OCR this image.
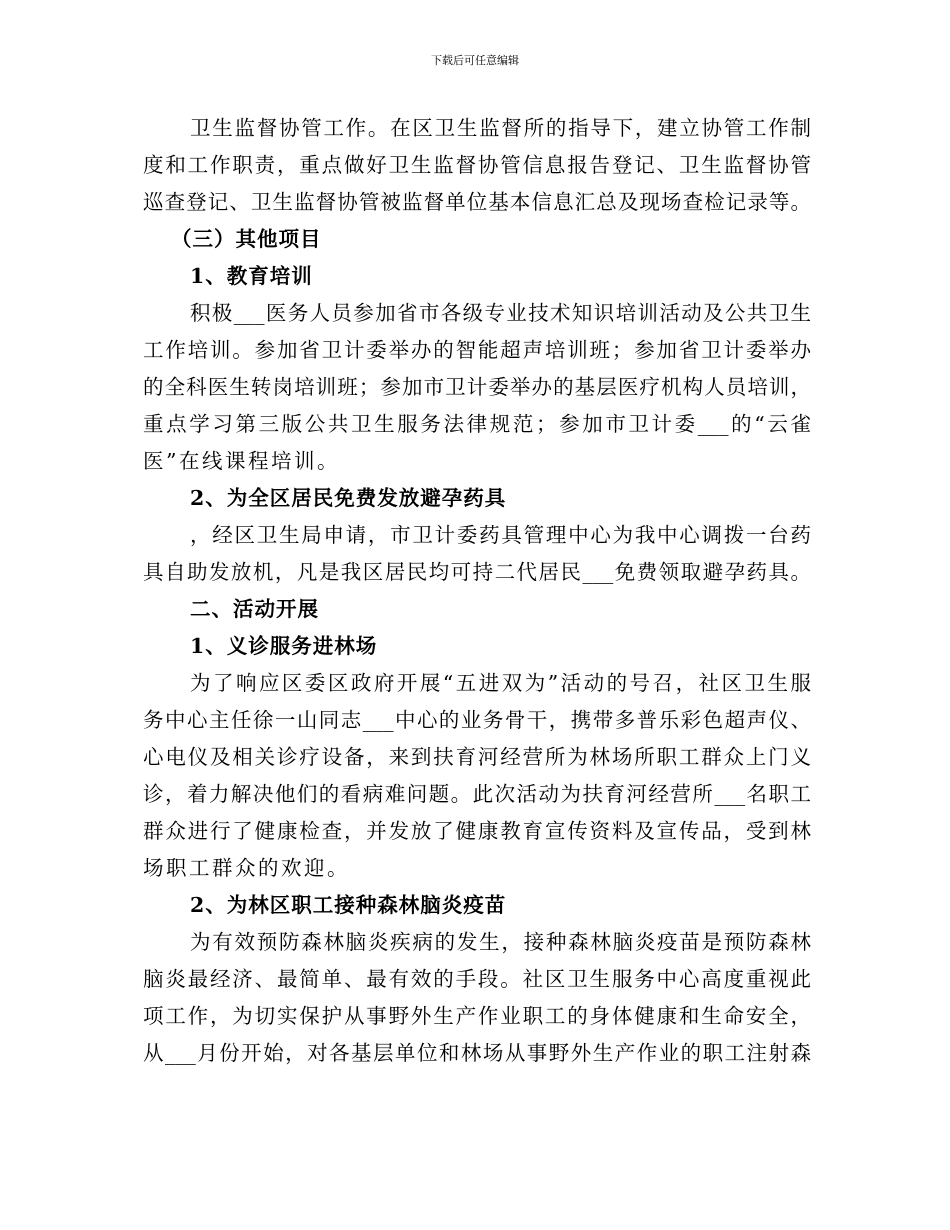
下载后可任意编辑
卫生监督协管工作。在区卫生监督所的指导下，建立协管工作制
度和工作职责，重点做好卫生监督协管信息报告登记、卫生监督协管
巡查登记、卫生监督协管被监督单位基本信息汇总及现场查检记录等。
（三）其他项目
1、教育培训
积极___医务人员参加省市各级专业技术知识培训活动及公共卫生
工作培训。参加省卫计委举办的智能超声培训班；参加省卫计委举办
的全科医生转岗培训班；参加市卫计委举办的基层医疗机构人员培训，
重点学习第三版公共卫生服务法律规范；参加市卫计委___的“云雀
医”在线课程培训。
2、为全区居民免费发放避孕药具
，经区卫生局申请，市卫计委药具管理中心为我中心调拨一台药
具自助发放机，凡是我区居民均可持二代居民___免费领取避孕药具。
二、活动开展
1、义诊服务进林场
为了响应区委区政府开展“五进双为”活动的号召，社区卫生服
务中心主任徐一山同志___中心的业务骨干，携带多普乐彩色超声仪、
心电仪及相关诊疗设备，来到扶育河经营所为林场所职工群众上门义
诊，着力解决他们的看病难问题。此次活动为扶育河经营所___名职工
群众进行了健康检查，并发放了健康教育宣传资料及宣传品，受到林
场职工群众的欢迎。
2、为林区职工接种森林脑炎疫苗
为有效预防森林脑炎疾病的发生，接种森林脑炎疫苗是预防森林
脑炎最经济、最简单、最有效的手段。社区卫生服务中心高度重视此
项工作，为切实保护从事野外生产作业职工的身体健康和生命安全，
从___月份开始，对各基层单位和林场从事野外生产作业的职工注射森
